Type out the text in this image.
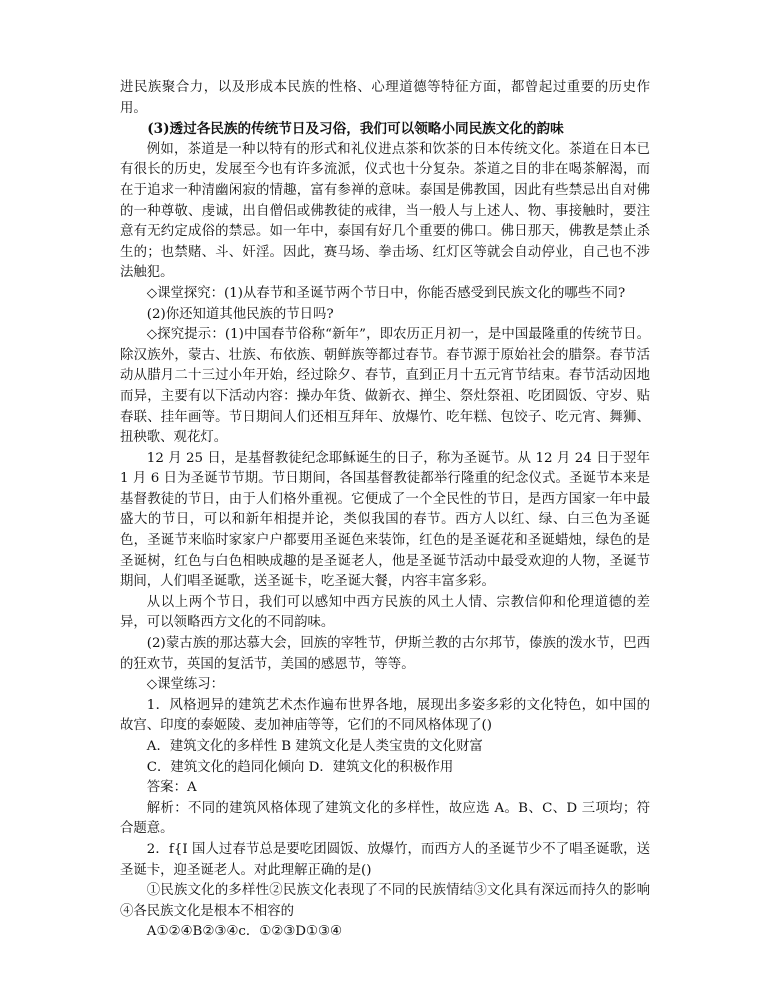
进民族聚合力，以及形成本民族的性格、心理道德等特征方面，都曾起过重要的历史作用。

(3)透过各民族的传统节日及习俗，我们可以领略小同民族文化的韵味

例如，茶道是一种以特有的形式和礼仪进点茶和饮茶的日本传统文化。茶道在日本已有很长的历史，发展至今也有许多流派，仪式也十分复杂。茶道之目的非在喝茶解渴，而在于追求一种清幽闲寂的情趣，富有参禅的意味。泰国是佛教国，因此有些禁忌出自对佛的一种尊敬、虔诚，出自僧侣或佛教徒的戒律，当一般人与上述人、物、事接触时，要注意有无约定成俗的禁忌。如一年中，泰国有好几个重要的佛口。佛日那天，佛教是禁止杀生的；也禁赌、斗、奸淫。因此，赛马场、拳击场、红灯区等就会自动停业，自己也不涉法触犯。

◇课堂探究：(1)从春节和圣诞节两个节日中，你能否感受到民族文化的哪些不同?

(2)你还知道其他民族的节日吗?

◇探究提示：(1)中国春节俗称“新年”，即农历正月初一，是中国最隆重的传统节日。除汉族外，蒙古、壮族、布依族、朝鲜族等都过春节。春节源于原始社会的腊祭。春节活动从腊月二十三过小年开始，经过除夕、春节，直到正月十五元宵节结束。春节活动因地而异，主要有以下活动内容：操办年货、做新衣、掸尘、祭灶祭祖、吃团圆饭、守岁、贴春联、挂年画等。节日期间人们还相互拜年、放爆竹、吃年糕、包饺子、吃元宵、舞狮、扭秧歌、观花灯。

12 月 25 日，是基督教徒纪念耶稣诞生的日子，称为圣诞节。从 12 月 24 日于翌年 1 月 6 日为圣诞节节期。节日期间，各国基督教徒都举行隆重的纪念仪式。圣诞节本来是基督教徒的节日，由于人们格外重视。它便成了一个全民性的节日，是西方国家一年中最盛大的节日，可以和新年相提并论，类似我国的春节。西方人以红、绿、白三色为圣诞色，圣诞节来临时家家户户都要用圣诞色来装饰，红色的是圣诞花和圣诞蜡烛，绿色的是圣诞树，红色与白色相映成趣的是圣诞老人，他是圣诞节活动中最受欢迎的人物，圣诞节期间，人们唱圣诞歌，送圣诞卡，吃圣诞大餐，内容丰富多彩。

从以上两个节日，我们可以感知中西方民族的风土人情、宗教信仰和伦理道德的差异，可以领略西方文化的不同韵味。

(2)蒙古族的那达慕大会，回族的宰牲节，伊斯兰教的古尔邦节，傣族的泼水节，巴西的狂欢节，英国的复活节，美国的感恩节，等等。

◇课堂练习：

1．风格迥异的建筑艺术杰作遍布世界各地，展现出多姿多彩的文化特色，如中国的故宫、印度的泰姬陵、麦加神庙等等，它们的不同风格体现了()

A．建筑文化的多样性 B 建筑文化是人类宝贵的文化财富

C．建筑文化的趋同化倾向 D．建筑文化的积极作用

答案：A

解析：不同的建筑风格体现了建筑文化的多样性，故应选 A。B、C、D 三项均；符合题意。

2．f{I 国人过春节总是要吃团圆饭、放爆竹，而西方人的圣诞节少不了唱圣诞歌，送圣诞卡，迎圣诞老人。对此理解正确的是()

①民族文化的多样性②民族文化表现了不同的民族情结③文化具有深远而持久的影响④各民族文化是根本不相容的

A①②④B②③④c．①②③D①③④
